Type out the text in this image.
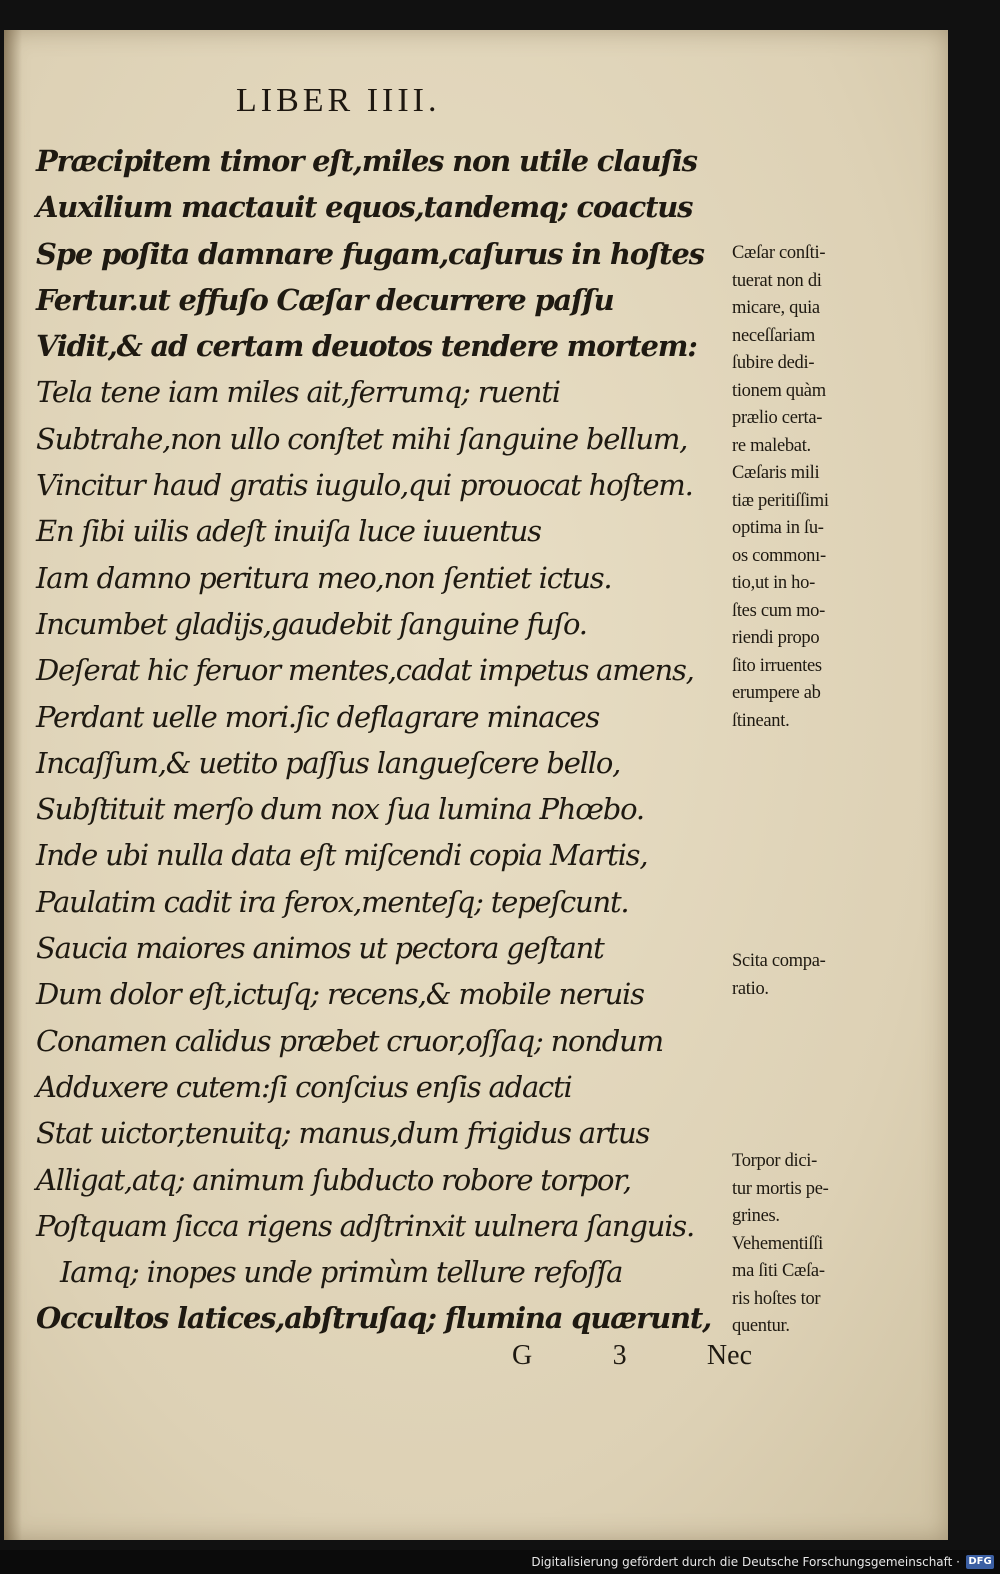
LIBER IIII.
Præcipitem timor eſt,miles non utile clauſis
Auxilium mactauit equos,tandemq; coactus
Spe poſita damnare fugam,caſurus in hoſtes
Fertur.ut effuſo Cæſar decurrere paſſu
Vidit,& ad certam deuotos tendere mortem:
Tela tene iam miles ait,ferrumq; ruenti
Subtrahe,non ullo conſtet mihi ſanguine bellum,
Vincitur haud gratis iugulo,qui prouocat hoſtem.
En ſibi uilis adeſt inuiſa luce iuuentus
Iam damno peritura meo,non ſentiet ictus.
Incumbet gladijs,gaudebit ſanguine fuſo.
Deſerat hic feruor mentes,cadat impetus amens,
Perdant uelle mori.ſic deflagrare minaces
Incaſſum,& uetito paſſus langueſcere bello,
Subſtituit merſo dum nox ſua lumina Phœbo.
Inde ubi nulla data eſt miſcendi copia Martis,
Paulatim cadit ira ferox,menteſq; tepeſcunt.
Saucia maiores animos ut pectora geſtant
Dum dolor eſt,ictuſq; recens,& mobile neruis
Conamen calidus præbet cruor,oſſaq; nondum
Adduxere cutem:ſi conſcius enſis adacti
Stat uictor,tenuitq; manus,dum frigidus artus
Alligat,atq; animum ſubducto robore torpor,
Poſtquam ſicca rigens adſtrinxit uulnera ſanguis.
Iamq; inopes unde primùm tellure refoſſa
Occultos latices,abſtruſaq; flumina quærunt,
Cæſar conſti-
tuerat non di
micare, quia
neceſſariam
ſubire dedi-
tionem quàm
prælio certa-
re malebat.
Cæſaris mili
tiæ peritiſſimi
optima in ſu-
os commonı-
tio,ut in ho-
ſtes cum mo-
riendi propo
ſito irruentes
erumpere ab
ſtineant.
Scita compa-
ratio.
Torpor dici-
tur mortis pe-
grines.
Vehementiſſi
ma ſiti Cæſa-
ris hoſtes tor
quentur.
G	3	Nec
Digitalisierung gefördert durch die Deutsche Forschungsgemeinschaft · DFG
